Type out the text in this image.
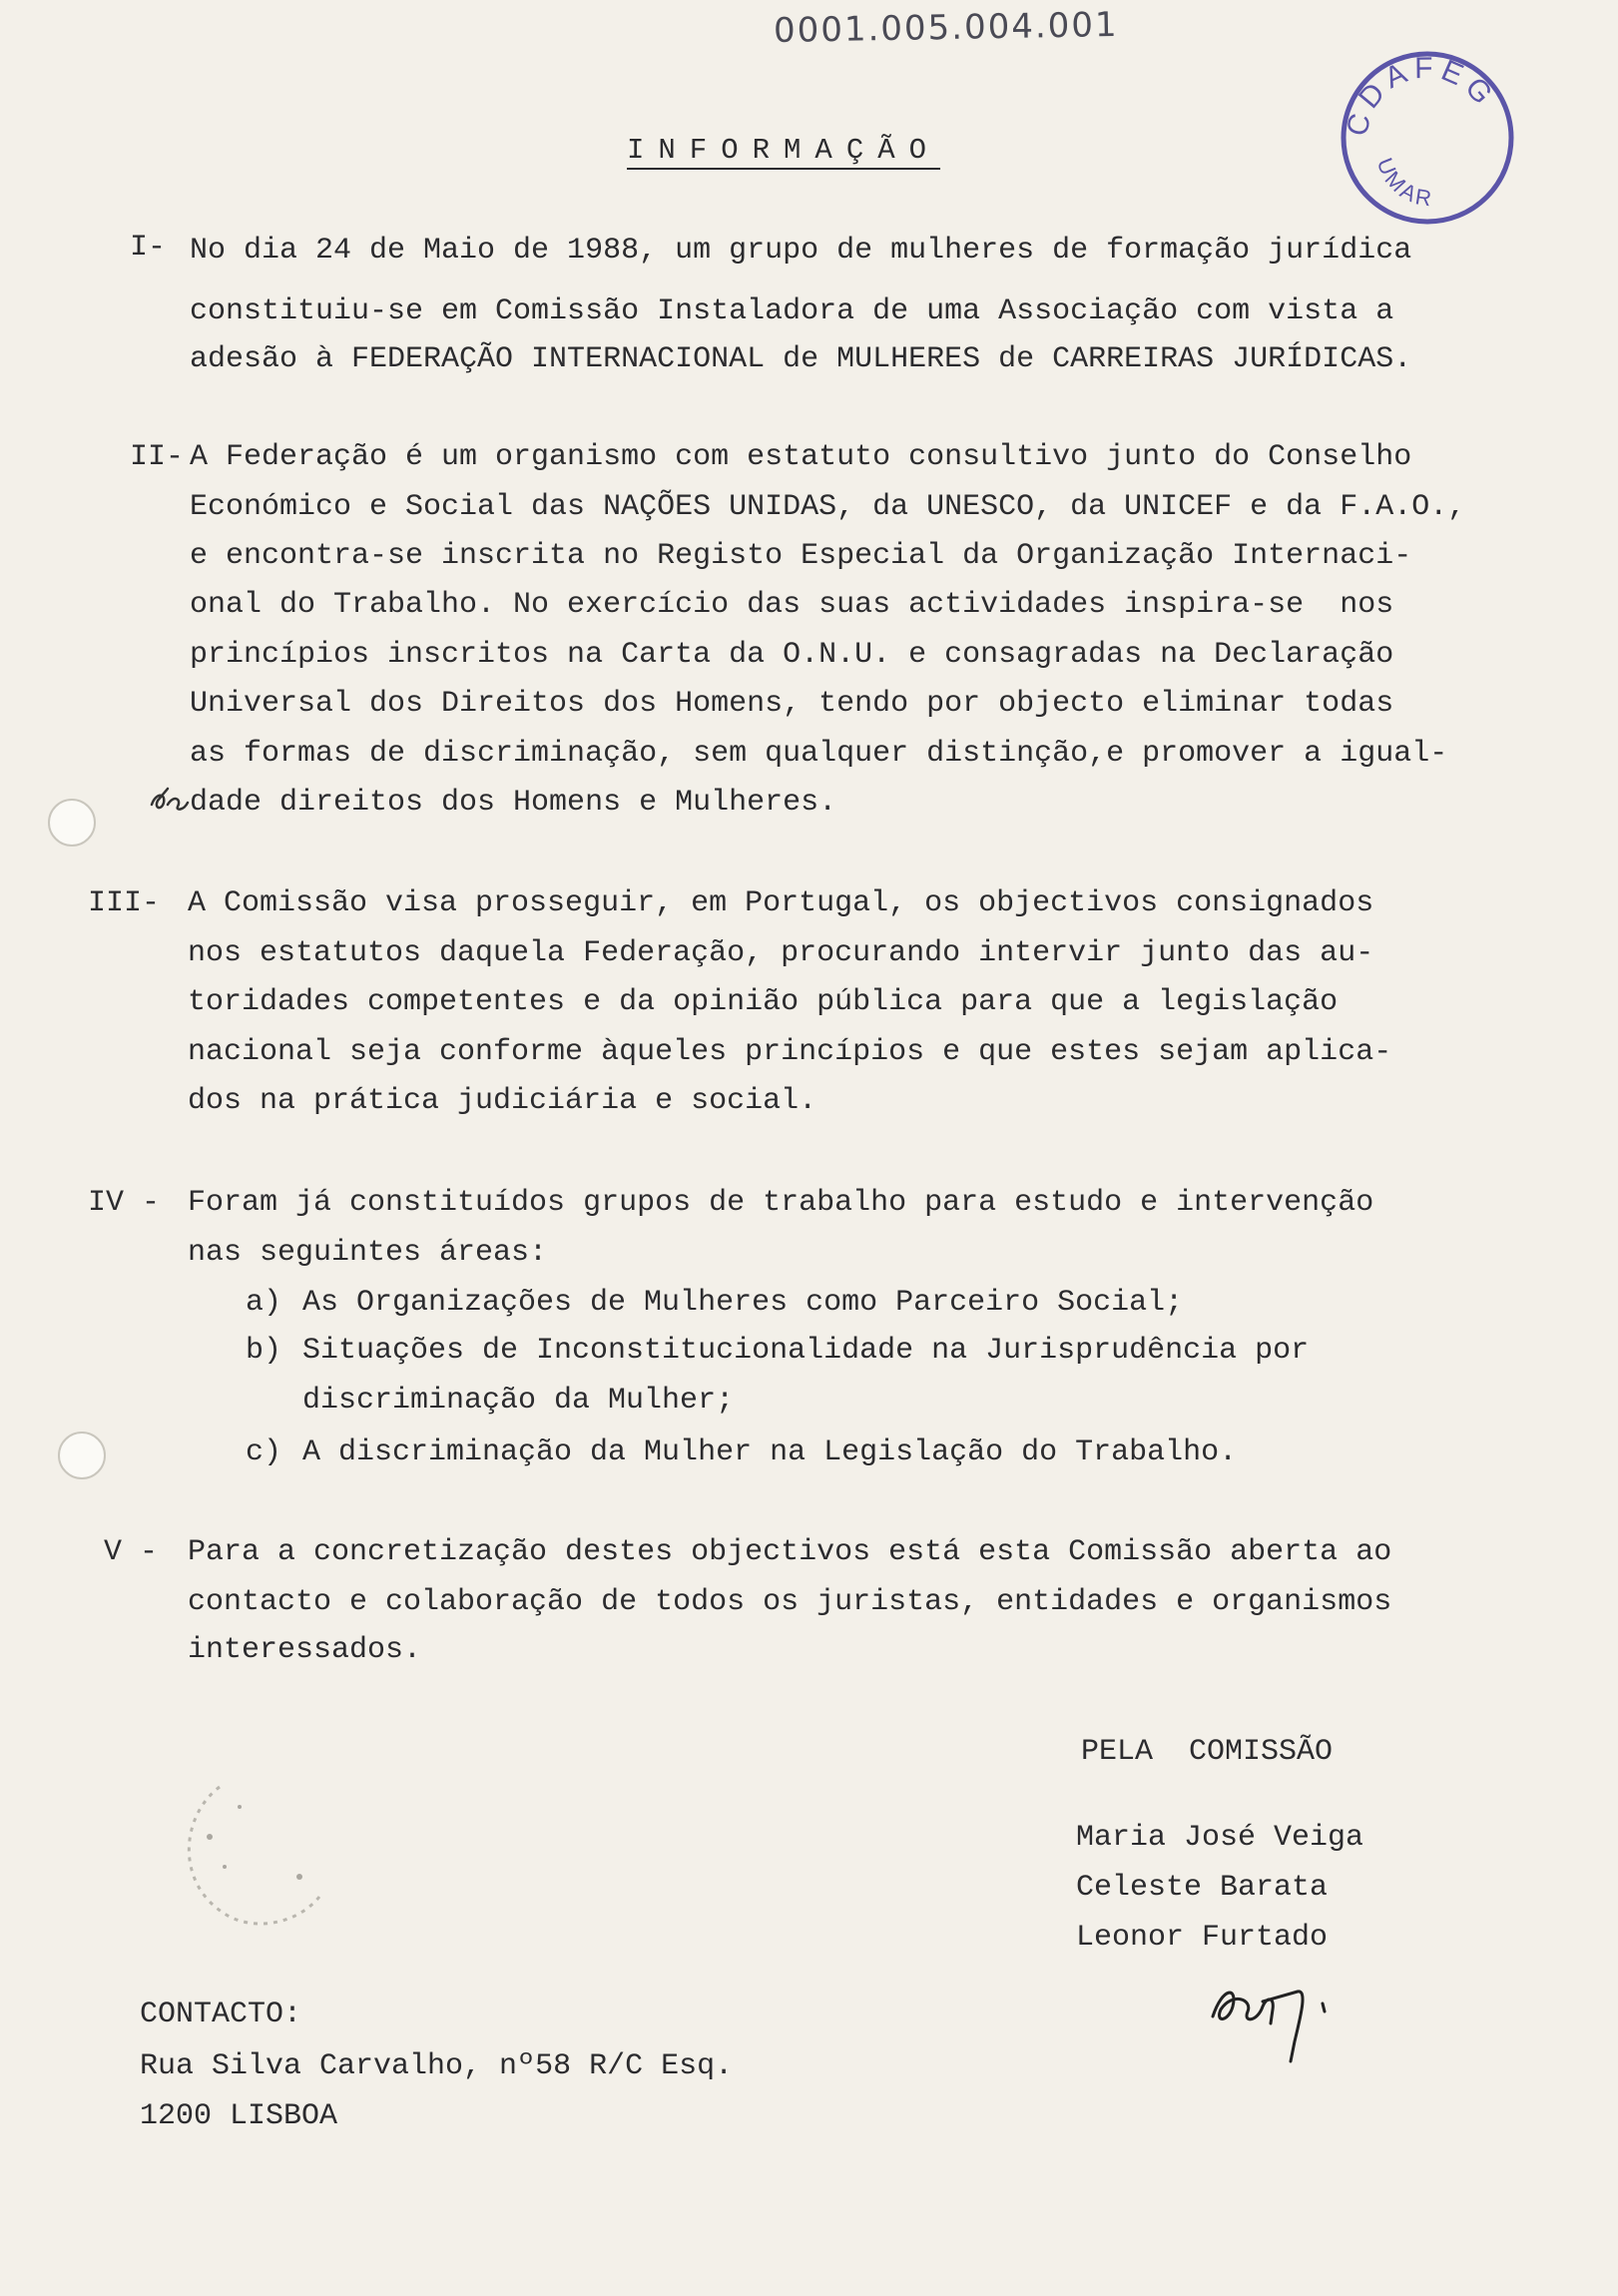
0001.005.004.001
CDAFEG
UMAR
INFORMAÇÃO
I- No dia 24 de Maio de 1988, um grupo de mulheres de formação jurídica
constituiu-se em Comissão Instaladora de uma Associação com vista a
adesão à FEDERAÇÃO INTERNACIONAL de MULHERES de CARREIRAS JURÍDICAS.
II- A Federação é um organismo com estatuto consultivo junto do Conselho
Económico e Social das NAÇÕES UNIDAS, da UNESCO, da UNICEF e da F.A.O.,
e encontra-se inscrita no Registo Especial da Organização Internaci-
onal do Trabalho. No exercício das suas actividades inspira-se  nos
princípios inscritos na Carta da O.N.U. e consagradas na Declaração
Universal dos Direitos dos Homens, tendo por objecto eliminar todas
as formas de discriminação, sem qualquer distinção,e promover a igual-
dade direitos dos Homens e Mulheres.
III- A Comissão visa prosseguir, em Portugal, os objectivos consignados
nos estatutos daquela Federação, procurando intervir junto das au-
toridades competentes e da opinião pública para que a legislação
nacional seja conforme àqueles princípios e que estes sejam aplica-
dos na prática judiciária e social.
IV - Foram já constituídos grupos de trabalho para estudo e intervenção
nas seguintes áreas:
a) As Organizações de Mulheres como Parceiro Social;
b) Situações de Inconstitucionalidade na Jurisprudência por
discriminação da Mulher;
c) A discriminação da Mulher na Legislação do Trabalho.
V - Para a concretização destes objectivos está esta Comissão aberta ao
contacto e colaboração de todos os juristas, entidades e organismos
interessados.
PELA  COMISSÃO
Maria José Veiga
Celeste Barata
Leonor Furtado
CONTACTO:
Rua Silva Carvalho, nº58 R/C Esq.
1200 LISBOA
